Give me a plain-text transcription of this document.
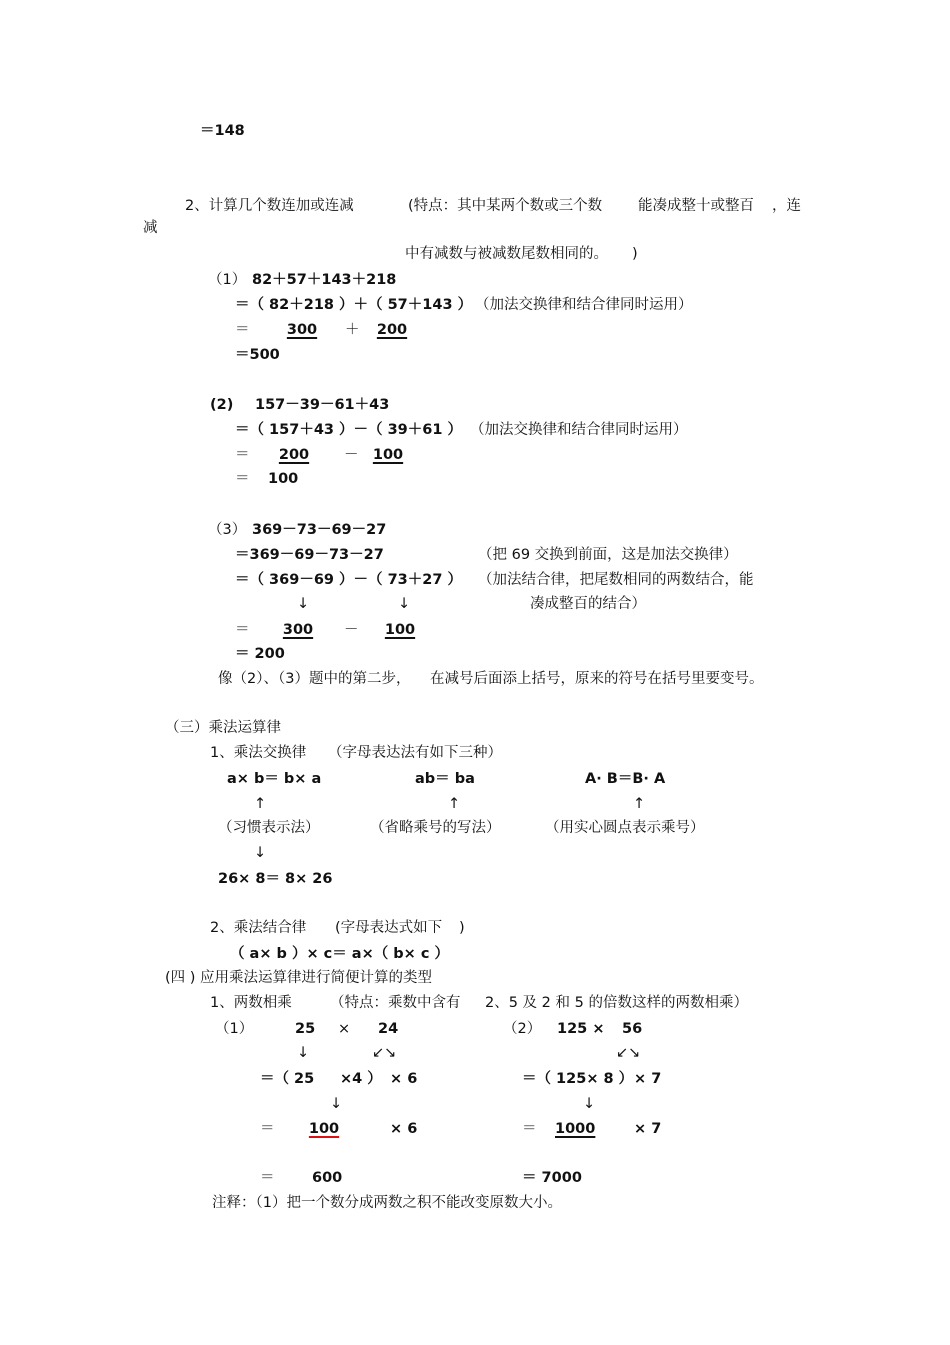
＝148
2、计算几个数连加或连减	(特点：其中某两个数或三个数 能凑成整十或整百 ，连
减
中有减数与被减数尾数相同的。 )
（1） 82＋57＋143＋218
＝（ 82＋218 ）＋（ 57＋143 ） （加法交换律和结合律同时运用）
＝	300	＋	200
＝500
(2) 157－39－61＋43
＝（ 157＋43 ）－（ 39＋61 ） （加法交换律和结合律同时运用）
＝	200	－ 100
＝ 100
（3） 369－73－69－27
＝369－69－73－27	（把 69 交换到前面，这是加法交换律）
＝（ 369－69 ）－（ 73＋27 ） （加法结合律，把尾数相同的两数结合，能
↓	↓	凑成整百的结合）
＝	300	－	100
＝ 200
像（2）、（3）题中的第二步， 在减号后面添上括号，原来的符号在括号里要变号。
（三）乘法运算律
1、乘法交换律 （字母表达法有如下三种）
a× b＝ b× a	ab＝ ba	A· B＝B· A
↑	↑	↑
（习惯表示法）	（省略乘号的写法）	（用实心圆点表示乘号）
↓
26× 8＝ 8× 26
2、乘法结合律 (字母表达式如下 )
（ a× b ）× c＝ a×（ b× c ）
(四 ) 应用乘法运算律进行简便计算的类型
1、两数相乘	（特点：乘数中含有 2、5 及 2 和 5 的倍数这样的两数相乘）
（1）	25 × 24	（2） 125 × 56
↓	↙↘	↙↘
＝（ 25 ×4 ） × 6	＝（ 125× 8 ） × 7
↓	↓
＝	100	× 6	＝ 1000	× 7
＝	600	＝ 7000
注释：（1）把一个数分成两数之积不能改变原数大小。
